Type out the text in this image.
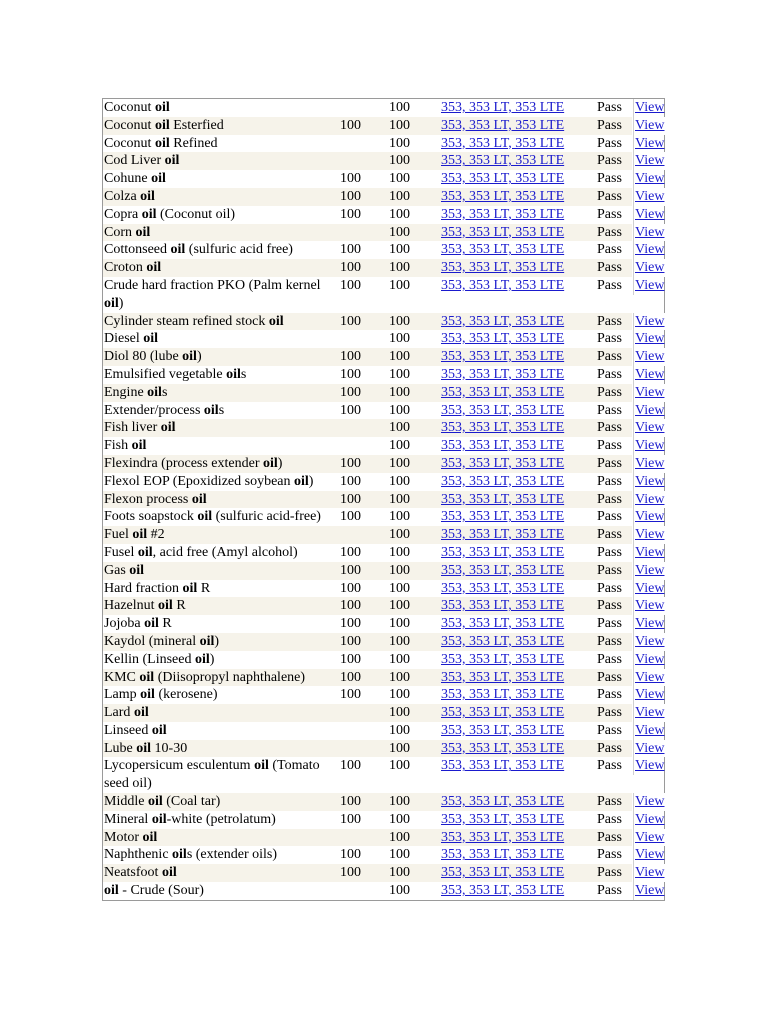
Coconut oil		100	353, 353 LT, 353 LTE	Pass	View

Coconut oil Esterfied	100	100	353, 353 LT, 353 LTE	Pass	View

Coconut oil Refined		100	353, 353 LT, 353 LTE	Pass	View

Cod Liver oil		100	353, 353 LT, 353 LTE	Pass	View

Cohune oil	100	100	353, 353 LT, 353 LTE	Pass	View

Colza oil	100	100	353, 353 LT, 353 LTE	Pass	View

Copra oil (Coconut oil)	100	100	353, 353 LT, 353 LTE	Pass	View

Corn oil		100	353, 353 LT, 353 LTE	Pass	View

Cottonseed oil (sulfuric acid free)	100	100	353, 353 LT, 353 LTE	Pass	View

Croton oil	100	100	353, 353 LT, 353 LTE	Pass	View

Crude hard fraction PKO (Palm kernel oil)	100	100	353, 353 LT, 353 LTE	Pass	View

Cylinder steam refined stock oil	100	100	353, 353 LT, 353 LTE	Pass	View

Diesel oil		100	353, 353 LT, 353 LTE	Pass	View

Diol 80 (lube oil)	100	100	353, 353 LT, 353 LTE	Pass	View

Emulsified vegetable oils	100	100	353, 353 LT, 353 LTE	Pass	View

Engine oils	100	100	353, 353 LT, 353 LTE	Pass	View

Extender/process oils	100	100	353, 353 LT, 353 LTE	Pass	View

Fish liver oil		100	353, 353 LT, 353 LTE	Pass	View

Fish oil		100	353, 353 LT, 353 LTE	Pass	View

Flexindra (process extender oil)	100	100	353, 353 LT, 353 LTE	Pass	View

Flexol EOP (Epoxidized soybean oil)	100	100	353, 353 LT, 353 LTE	Pass	View

Flexon process oil	100	100	353, 353 LT, 353 LTE	Pass	View

Foots soapstock oil (sulfuric acid-free)	100	100	353, 353 LT, 353 LTE	Pass	View

Fuel oil #2		100	353, 353 LT, 353 LTE	Pass	View

Fusel oil, acid free (Amyl alcohol)	100	100	353, 353 LT, 353 LTE	Pass	View

Gas oil	100	100	353, 353 LT, 353 LTE	Pass	View

Hard fraction oil R	100	100	353, 353 LT, 353 LTE	Pass	View

Hazelnut oil R	100	100	353, 353 LT, 353 LTE	Pass	View

Jojoba oil R	100	100	353, 353 LT, 353 LTE	Pass	View

Kaydol (mineral oil)	100	100	353, 353 LT, 353 LTE	Pass	View

Kellin (Linseed oil)	100	100	353, 353 LT, 353 LTE	Pass	View

KMC oil (Diisopropyl naphthalene)	100	100	353, 353 LT, 353 LTE	Pass	View

Lamp oil (kerosene)	100	100	353, 353 LT, 353 LTE	Pass	View

Lard oil		100	353, 353 LT, 353 LTE	Pass	View

Linseed oil		100	353, 353 LT, 353 LTE	Pass	View

Lube oil 10-30		100	353, 353 LT, 353 LTE	Pass	View

Lycopersicum esculentum oil (Tomato seed oil)	100	100	353, 353 LT, 353 LTE	Pass	View

Middle oil (Coal tar)	100	100	353, 353 LT, 353 LTE	Pass	View

Mineral oil-white (petrolatum)	100	100	353, 353 LT, 353 LTE	Pass	View

Motor oil		100	353, 353 LT, 353 LTE	Pass	View

Naphthenic oils (extender oils)	100	100	353, 353 LT, 353 LTE	Pass	View

Neatsfoot oil	100	100	353, 353 LT, 353 LTE	Pass	View

oil - Crude (Sour)		100	353, 353 LT, 353 LTE	Pass	View
